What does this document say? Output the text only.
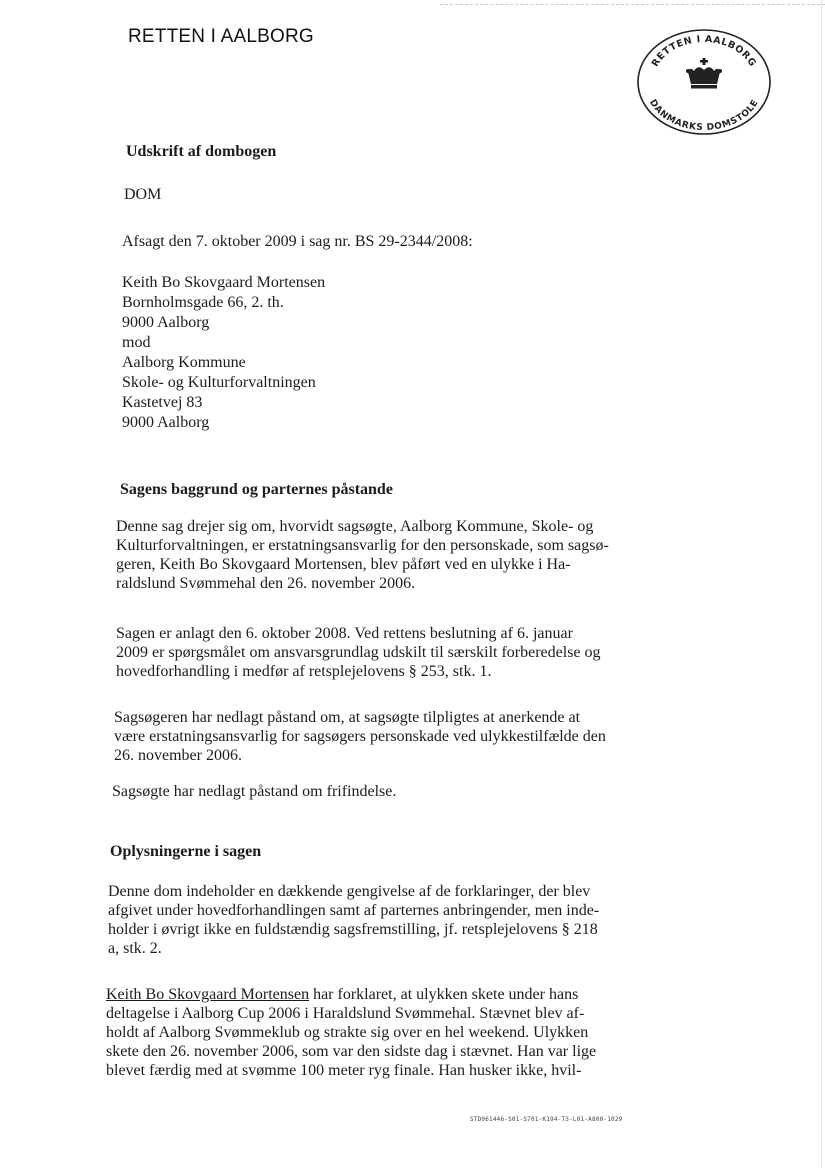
RETTEN I AALBORG
RETTEN I AALBORG
DANMARKS DOMSTOLE
Udskrift af dombogen
DOM
Afsagt den 7. oktober 2009 i sag nr. BS 29-2344/2008:
Keith Bo Skovgaard Mortensen
Bornholmsgade 66, 2. th.
9000 Aalborg
mod
Aalborg Kommune
Skole- og Kulturforvaltningen
Kastetvej 83
9000 Aalborg
Sagens baggrund og parternes påstande
Denne sag drejer sig om, hvorvidt sagsøgte, Aalborg Kommune, Skole- og
Kulturforvaltningen, er erstatningsansvarlig for den personskade, som sagsø-
geren, Keith Bo Skovgaard Mortensen, blev påført ved en ulykke i Ha-
raldslund Svømmehal den 26. november 2006.
Sagen er anlagt den 6. oktober 2008. Ved rettens beslutning af 6. januar
2009 er spørgsmålet om ansvarsgrundlag udskilt til særskilt forberedelse og
hovedforhandling i medfør af retsplejelovens § 253, stk. 1.
Sagsøgeren har nedlagt påstand om, at sagsøgte tilpligtes at anerkende at
være erstatningsansvarlig for sagsøgers personskade ved ulykkestilfælde den
26. november 2006.
Sagsøgte har nedlagt påstand om frifindelse.
Oplysningerne i sagen
Denne dom indeholder en dækkende gengivelse af de forklaringer, der blev
afgivet under hovedforhandlingen samt af parternes anbringender, men inde-
holder i øvrigt ikke en fuldstændig sagsfremstilling, jf. retsplejelovens § 218
a, stk. 2.
Keith Bo Skovgaard Mortensen har forklaret, at ulykken skete under hans
deltagelse i Aalborg Cup 2006 i Haraldslund Svømmehal. Stævnet blev af-
holdt af Aalborg Svømmeklub og strakte sig over en hel weekend. Ulykken
skete den 26. november 2006, som var den sidste dag i stævnet. Han var lige
blevet færdig med at svømme 100 meter ryg finale. Han husker ikke, hvil-
STD061446-S01-S701-K194-T3-L01-A800-1029
